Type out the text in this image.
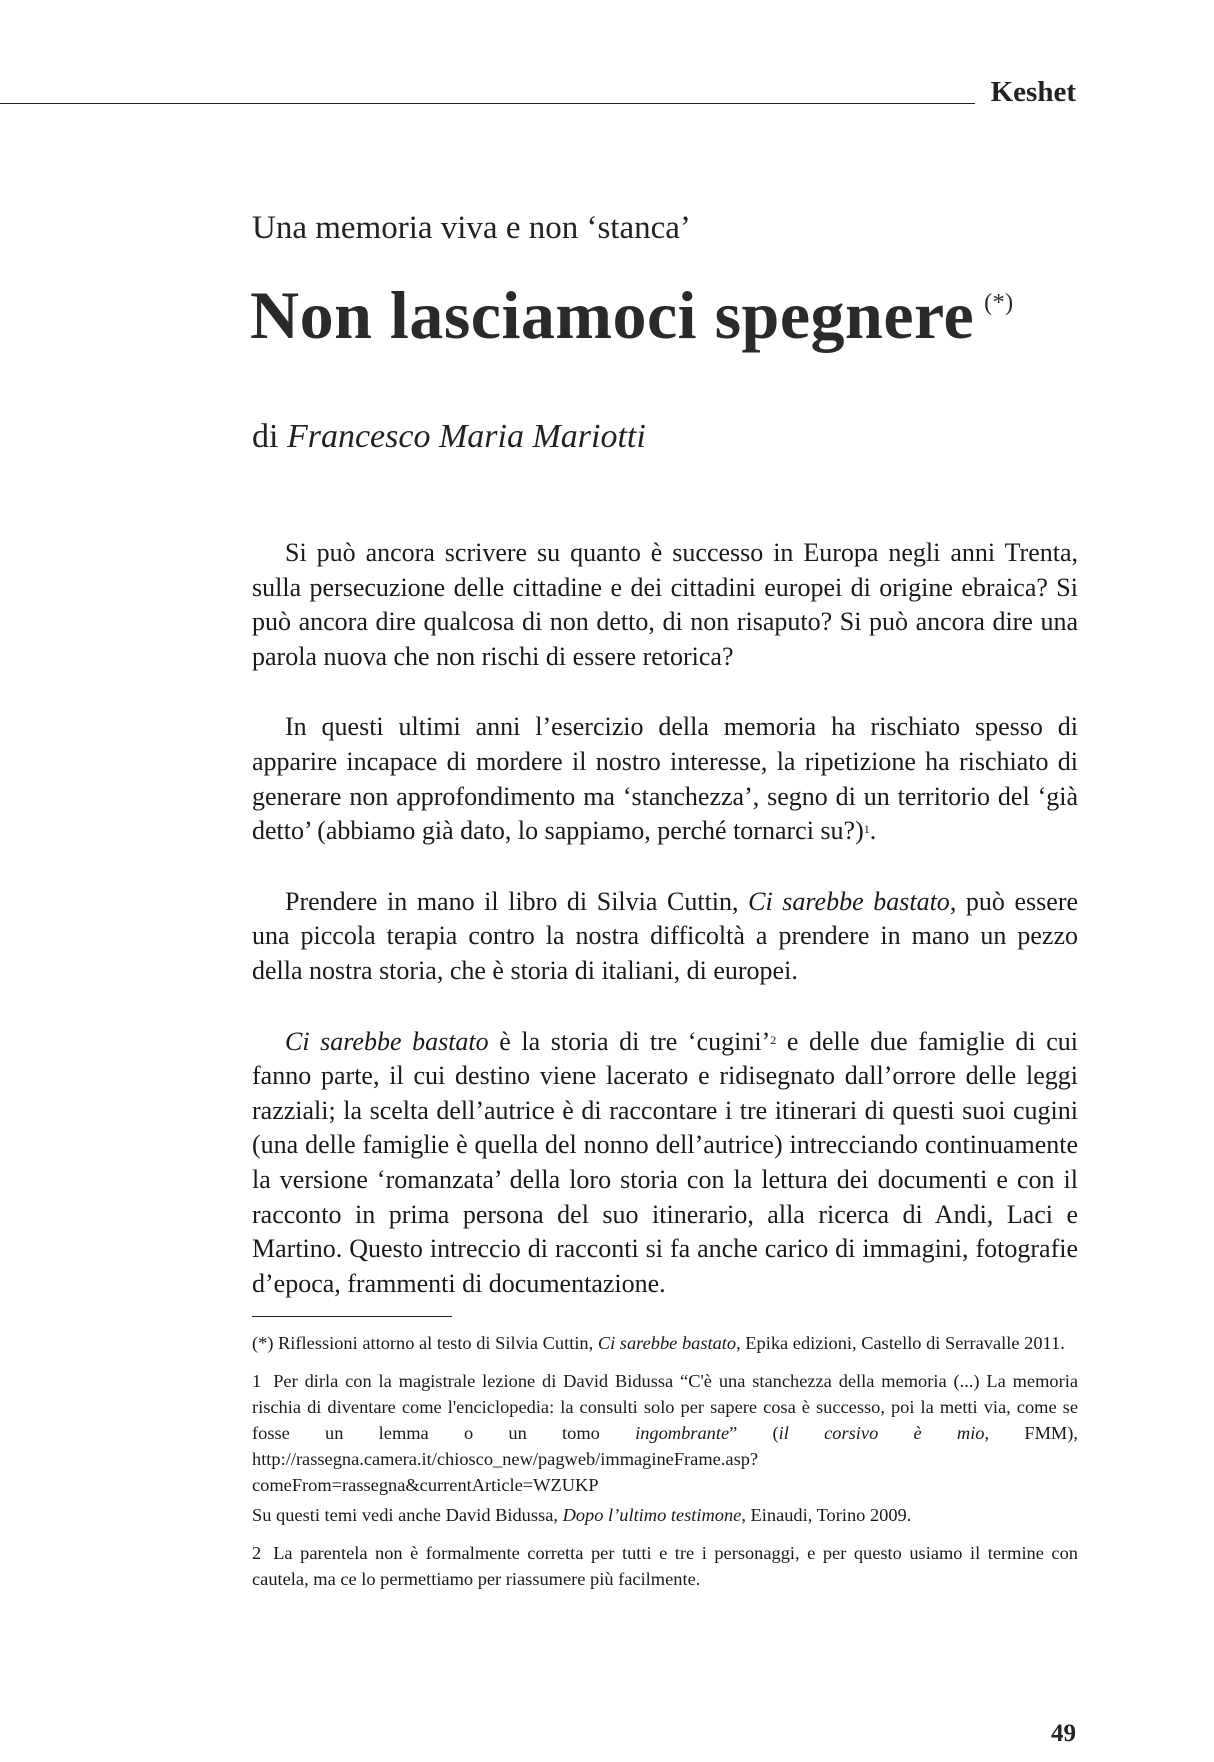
Keshet
Una memoria viva e non ‘stanca’
Non lasciamoci spegnere (*)
di Francesco Maria Mariotti

Si può ancora scrivere su quanto è successo in Europa negli anni Trenta, sulla persecuzione delle cittadine e dei cittadini europei di origine ebraica? Si può ancora dire qualcosa di non detto, di non risaputo? Si può ancora dire una parola nuova che non rischi di essere retorica?

In questi ultimi anni l’esercizio della memoria ha rischiato spesso di apparire incapace di mordere il nostro interesse, la ripetizione ha rischiato di generare non approfondimento ma ‘stanchezza’, segno di un territorio del ‘già detto’ (abbiamo già dato, lo sappiamo, perché tornarci su?)$^1$.

Prendere in mano il libro di Silvia Cuttin, Ci sarebbe bastato, può essere una piccola terapia contro la nostra difficoltà a prendere in mano un pezzo della nostra storia, che è storia di italiani, di europei.

Ci sarebbe bastato è la storia di tre ‘cugini’$^2$ e delle due famiglie di cui fanno parte, il cui destino viene lacerato e ridisegnato dall’orrore delle leggi razziali; la scelta dell’autrice è di raccontare i tre itinerari di questi suoi cugini (una delle famiglie è quella del nonno dell’autrice) intrecciando continuamente la versione ‘romanzata’ della loro storia con la lettura dei documenti e con il racconto in prima persona del suo itinerario, alla ricerca di Andi, Laci e Martino. Questo intreccio di racconti si fa anche carico di immagini, fotografie d’epoca, frammenti di documentazione.

(*) Riflessioni attorno al testo di Silvia Cuttin, Ci sarebbe bastato, Epika edizioni, Castello di Serravalle 2011.
1 Per dirla con la magistrale lezione di David Bidussa “C'è una stanchezza della memoria (...) La memoria rischia di diventare come l'enciclopedia: la consulti solo per sapere cosa è successo, poi la metti via, come se fosse un lemma o un tomo ingombrante” (il corsivo è mio, FMM), http://rassegna.camera.it/chiosco_new/pagweb/immagineFrame.asp?comeFrom=rassegna&currentArticle=WZUKP
Su questi temi vedi anche David Bidussa, Dopo l’ultimo testimone, Einaudi, Torino 2009.
2 La parentela non è formalmente corretta per tutti e tre i personaggi, e per questo usiamo il termine con cautela, ma ce lo permettiamo per riassumere più facilmente.
49
